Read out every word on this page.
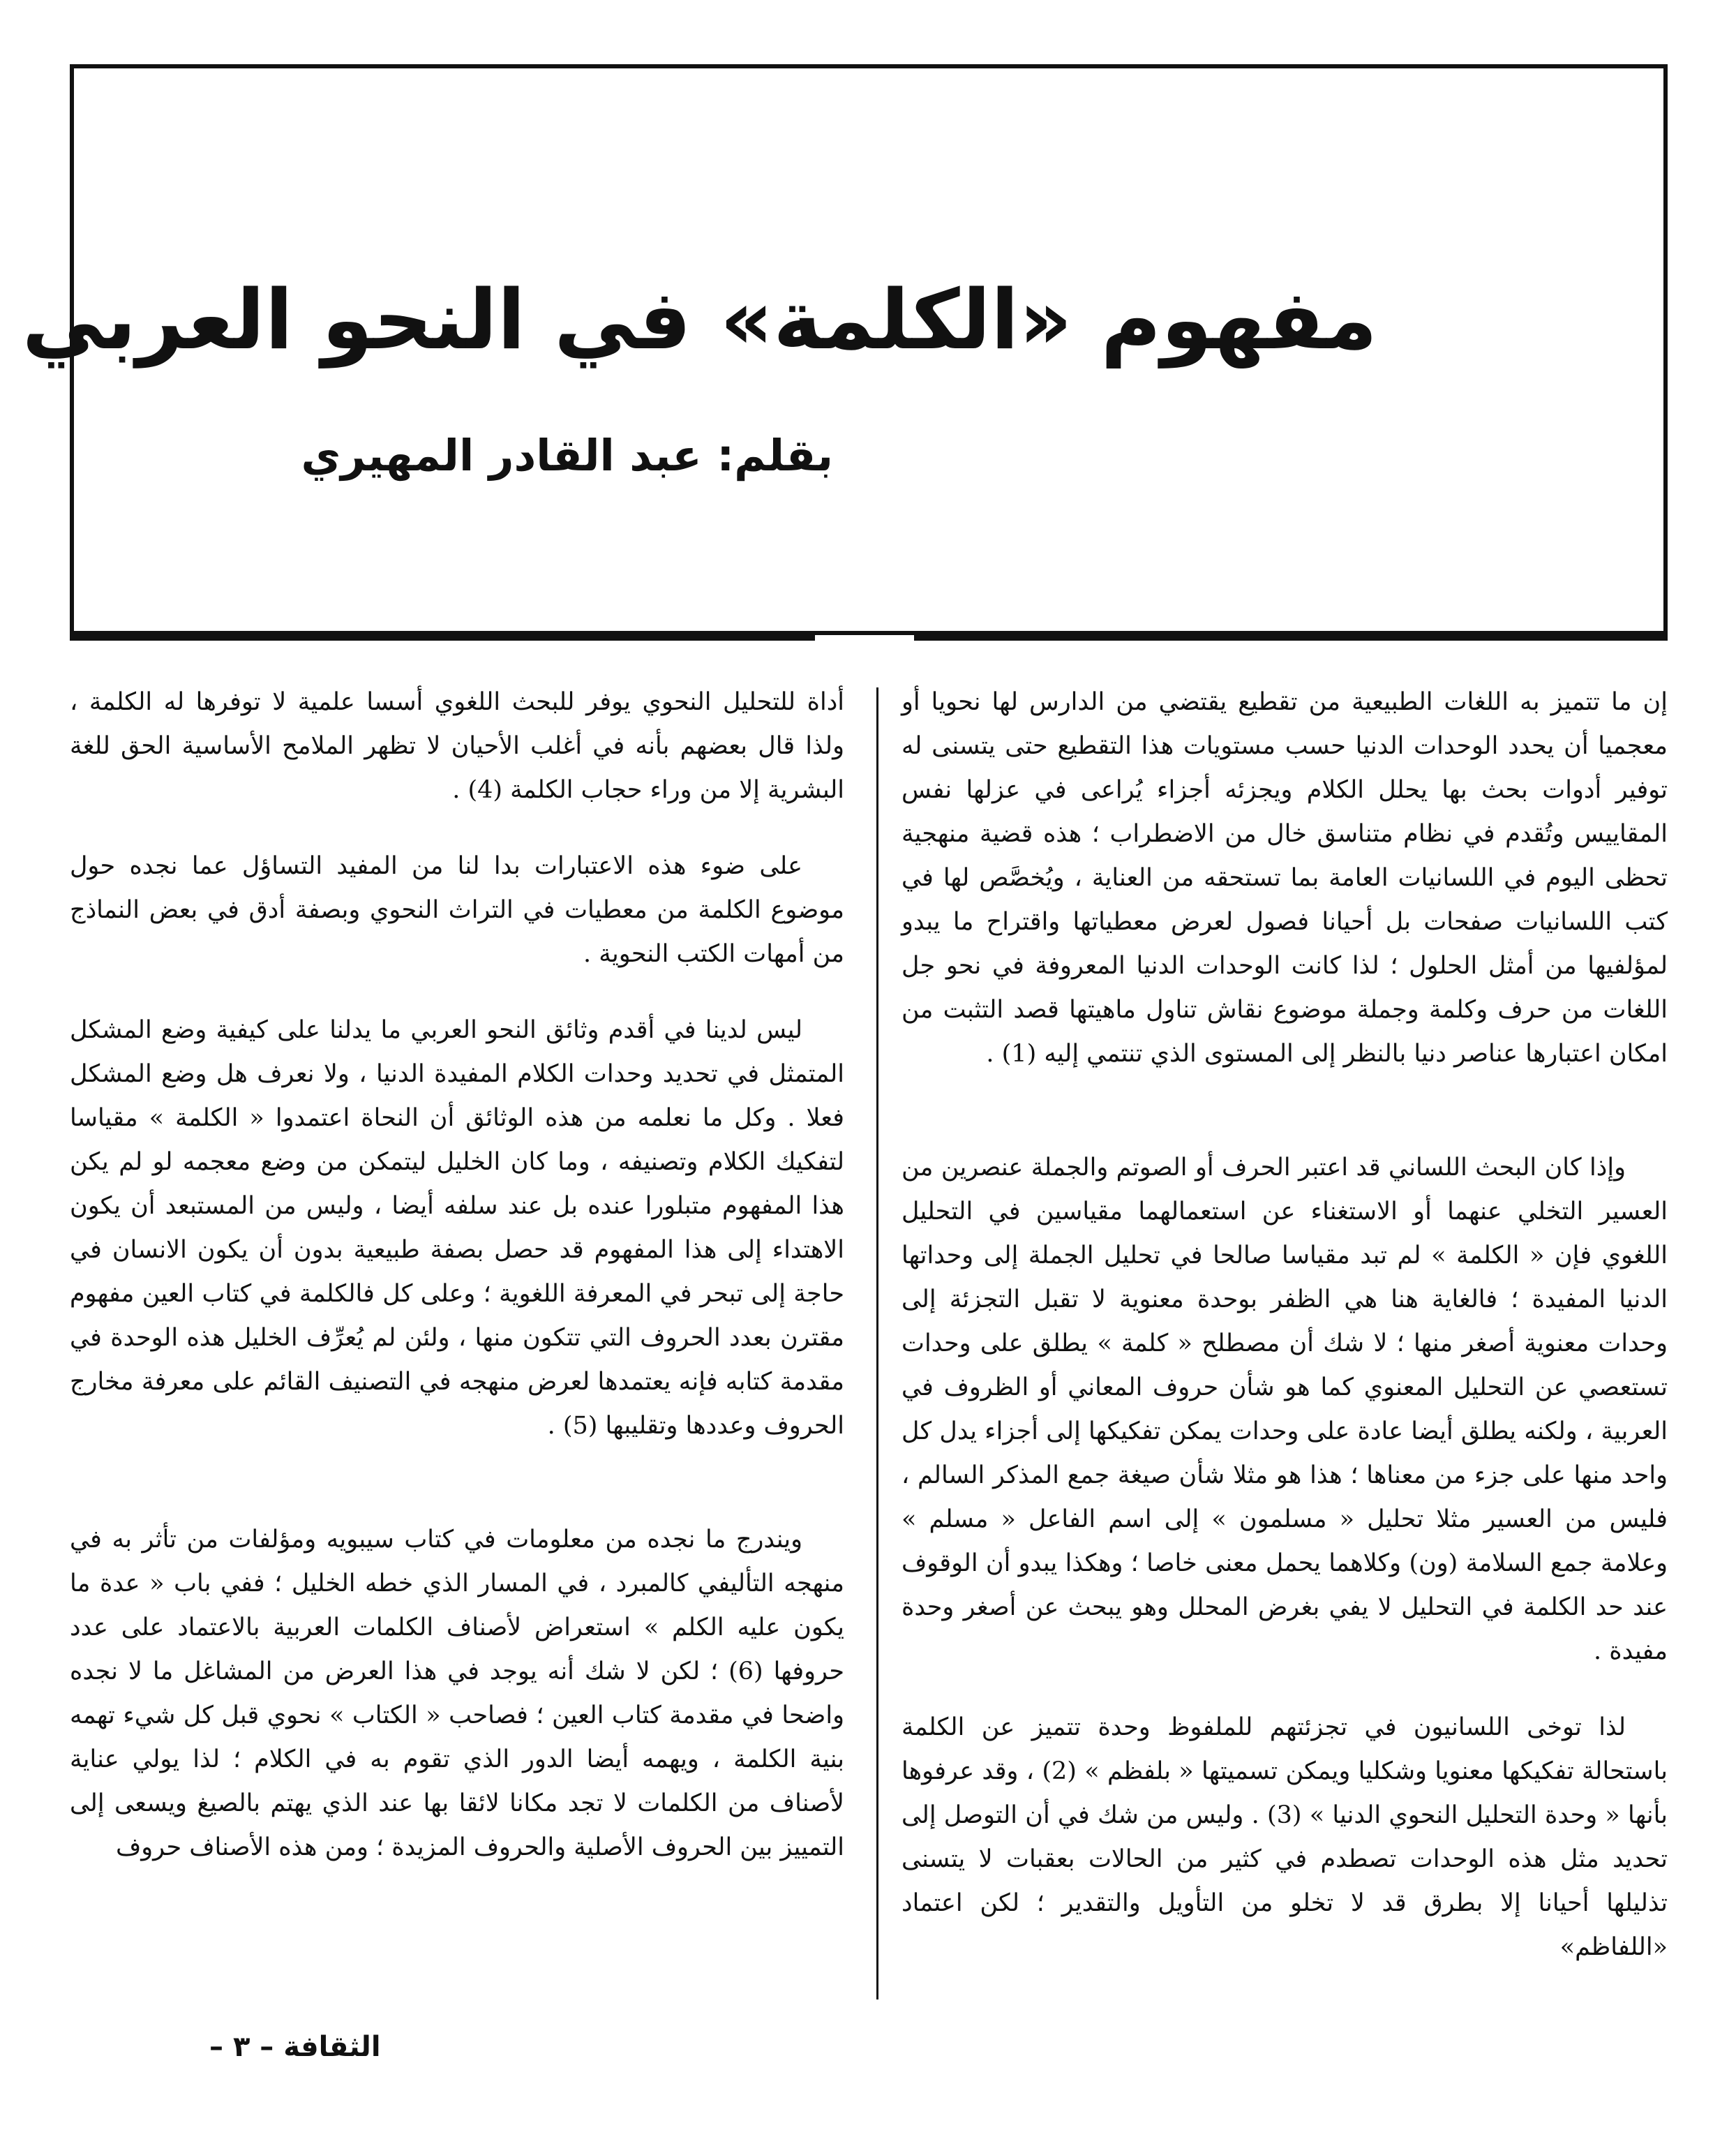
مفهوم «الكلمة» في النحو العربي
بقلم: عبد القادر المهيري

إن ما تتميز به اللغات الطبيعية من تقطيع يقتضي من الدارس لها نحويا أو معجميا أن يحدد الوحدات الدنيا حسب مستويات هذا التقطيع حتى يتسنى له توفير أدوات بحث بها يحلل الكلام ويجزئه أجزاء يُراعى في عزلها نفس المقاييس وتُقدم في نظام متناسق خال من الاضطراب ؛ هذه قضية منهجية تحظى اليوم في اللسانيات العامة بما تستحقه من العناية ، ويُخصَّص لها في كتب اللسانيات صفحات بل أحيانا فصول لعرض معطياتها واقتراح ما يبدو لمؤلفيها من أمثل الحلول ؛ لذا كانت الوحدات الدنيا المعروفة في نحو جل اللغات من حرف وكلمة وجملة موضوع نقاش تناول ماهيتها قصد التثبت من امكان اعتبارها عناصر دنيا بالنظر إلى المستوى الذي تنتمي إليه (1) .

وإذا كان البحث اللساني قد اعتبر الحرف أو الصوتم والجملة عنصرين من العسير التخلي عنهما أو الاستغناء عن استعمالهما مقياسين في التحليل اللغوي فإن « الكلمة » لم تبد مقياسا صالحا في تحليل الجملة إلى وحداتها الدنيا المفيدة ؛ فالغاية هنا هي الظفر بوحدة معنوية لا تقبل التجزئة إلى وحدات معنوية أصغر منها ؛ لا شك أن مصطلح « كلمة » يطلق على وحدات تستعصي عن التحليل المعنوي كما هو شأن حروف المعاني أو الظروف في العربية ، ولكنه يطلق أيضا عادة على وحدات يمكن تفكيكها إلى أجزاء يدل كل واحد منها على جزء من معناها ؛ هذا هو مثلا شأن صيغة جمع المذكر السالم ، فليس من العسير مثلا تحليل « مسلمون » إلى اسم الفاعل « مسلم » وعلامة جمع السلامة (ون) وكلاهما يحمل معنى خاصا ؛ وهكذا يبدو أن الوقوف عند حد الكلمة في التحليل لا يفي بغرض المحلل وهو يبحث عن أصغر وحدة مفيدة .

لذا توخى اللسانيون في تجزئتهم للملفوظ وحدة تتميز عن الكلمة باستحالة تفكيكها معنويا وشكليا ويمكن تسميتها « بلفظم » (2) ، وقد عرفوها بأنها « وحدة التحليل النحوي الدنيا » (3) . وليس من شك في أن التوصل إلى تحديد مثل هذه الوحدات تصطدم في كثير من الحالات بعقبات لا يتسنى تذليلها أحيانا إلا بطرق قد لا تخلو من التأويل والتقدير ؛ لكن اعتماد «اللفاظم»

أداة للتحليل النحوي يوفر للبحث اللغوي أسسا علمية لا توفرها له الكلمة ، ولذا قال بعضهم بأنه في أغلب الأحيان لا تظهر الملامح الأساسية الحق للغة البشرية إلا من وراء حجاب الكلمة (4) .

على ضوء هذه الاعتبارات بدا لنا من المفيد التساؤل عما نجده حول موضوع الكلمة من معطيات في التراث النحوي وبصفة أدق في بعض النماذج من أمهات الكتب النحوية .

ليس لدينا في أقدم وثائق النحو العربي ما يدلنا على كيفية وضع المشكل المتمثل في تحديد وحدات الكلام المفيدة الدنيا ، ولا نعرف هل وضع المشكل فعلا . وكل ما نعلمه من هذه الوثائق أن النحاة اعتمدوا « الكلمة » مقياسا لتفكيك الكلام وتصنيفه ، وما كان الخليل ليتمكن من وضع معجمه لو لم يكن هذا المفهوم متبلورا عنده بل عند سلفه أيضا ، وليس من المستبعد أن يكون الاهتداء إلى هذا المفهوم قد حصل بصفة طبيعية بدون أن يكون الانسان في حاجة إلى تبحر في المعرفة اللغوية ؛ وعلى كل فالكلمة في كتاب العين مفهوم مقترن بعدد الحروف التي تتكون منها ، ولئن لم يُعرِّف الخليل هذه الوحدة في مقدمة كتابه فإنه يعتمدها لعرض منهجه في التصنيف القائم على معرفة مخارج الحروف وعددها وتقليبها (5) .

ويندرج ما نجده من معلومات في كتاب سيبويه ومؤلفات من تأثر به في منهجه التأليفي كالمبرد ، في المسار الذي خطه الخليل ؛ ففي باب « عدة ما يكون عليه الكلم » استعراض لأصناف الكلمات العربية بالاعتماد على عدد حروفها (6) ؛ لكن لا شك أنه يوجد في هذا العرض من المشاغل ما لا نجده واضحا في مقدمة كتاب العين ؛ فصاحب « الكتاب » نحوي قبل كل شيء تهمه بنية الكلمة ، ويهمه أيضا الدور الذي تقوم به في الكلام ؛ لذا يولي عناية لأصناف من الكلمات لا تجد مكانا لائقا بها عند الذي يهتم بالصيغ ويسعى إلى التمييز بين الحروف الأصلية والحروف المزيدة ؛ ومن هذه الأصناف حروف

الثقافة – ٣ –
